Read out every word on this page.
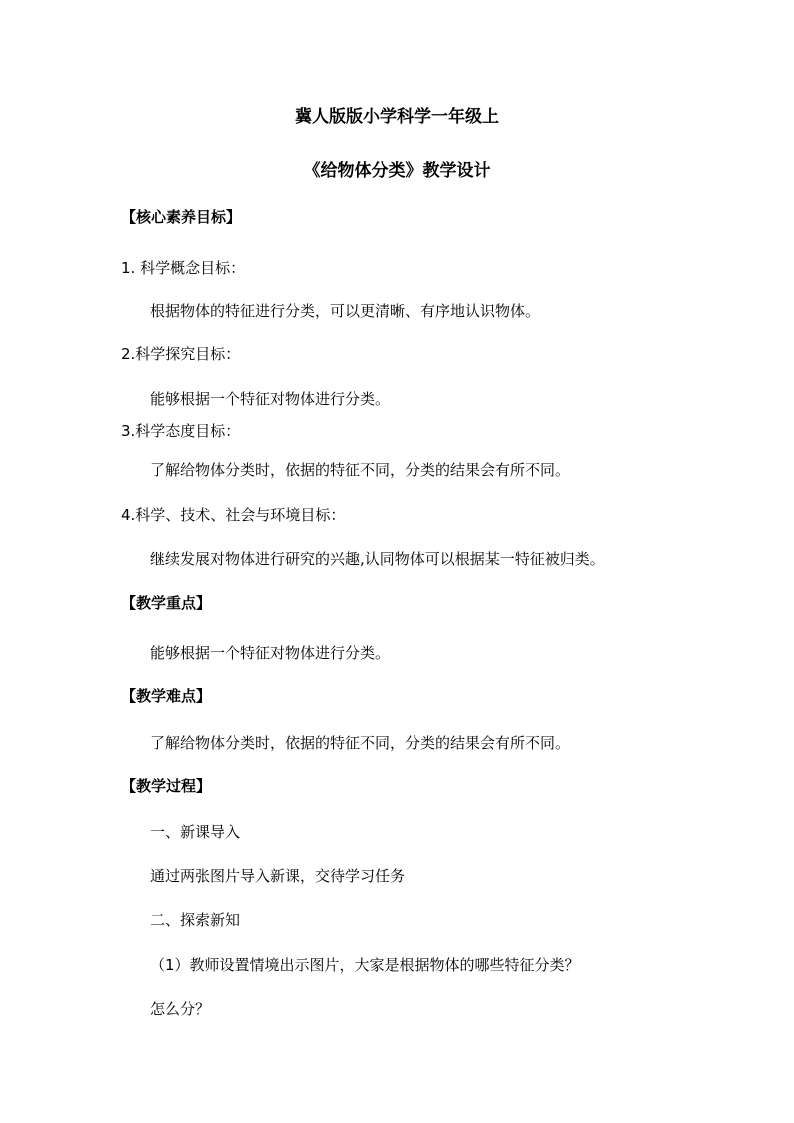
冀人版版小学科学一年级上
《给物体分类》教学设计
【核心素养目标】
1. 科学概念目标：
根据物体的特征进行分类，可以更清晰、有序地认识物体。
2.科学探究目标：
能够根据一个特征对物体进行分类。
3.科学态度目标：
了解给物体分类时，依据的特征不同，分类的结果会有所不同。
4.科学、技术、社会与环境目标：
继续发展对物体进行研究的兴趣,认同物体可以根据某一特征被归类。
【教学重点】
能够根据一个特征对物体进行分类。
【教学难点】
了解给物体分类时，依据的特征不同，分类的结果会有所不同。
【教学过程】
一、新课导入
通过两张图片导入新课，交待学习任务
二、探索新知
（1）教师设置情境出示图片，大家是根据物体的哪些特征分类？
怎么分？
